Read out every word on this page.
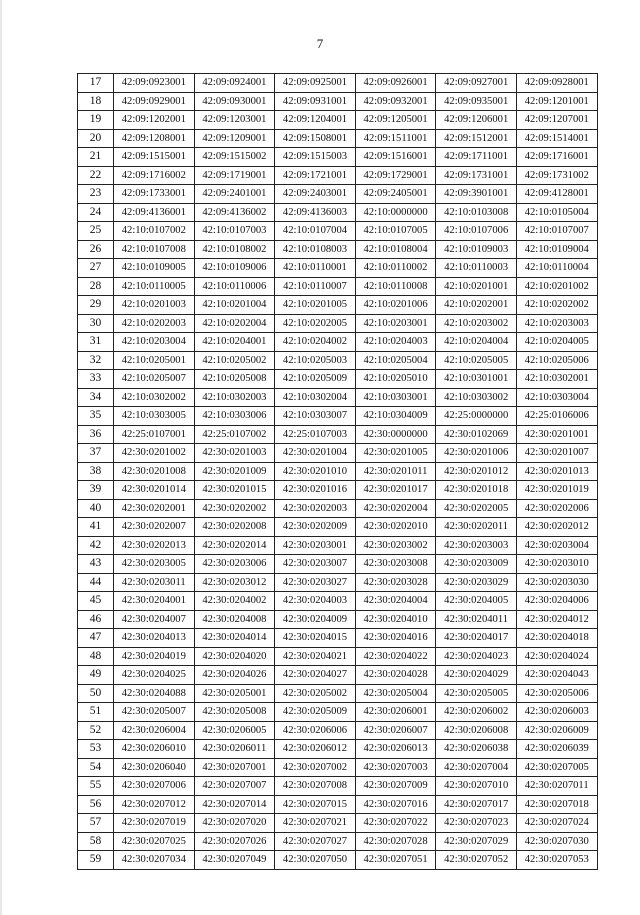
7
17	42:09:0923001	42:09:0924001	42:09:0925001	42:09:0926001	42:09:0927001	42:09:0928001
18	42:09:0929001	42:09:0930001	42:09:0931001	42:09:0932001	42:09:0935001	42:09:1201001
19	42:09:1202001	42:09:1203001	42:09:1204001	42:09:1205001	42:09:1206001	42:09:1207001
20	42:09:1208001	42:09:1209001	42:09:1508001	42:09:1511001	42:09:1512001	42:09:1514001
21	42:09:1515001	42:09:1515002	42:09:1515003	42:09:1516001	42:09:1711001	42:09:1716001
22	42:09:1716002	42:09:1719001	42:09:1721001	42:09:1729001	42:09:1731001	42:09:1731002
23	42:09:1733001	42:09:2401001	42:09:2403001	42:09:2405001	42:09:3901001	42:09:4128001
24	42:09:4136001	42:09:4136002	42:09:4136003	42:10:0000000	42:10:0103008	42:10:0105004
25	42:10:0107002	42:10:0107003	42:10:0107004	42:10:0107005	42:10:0107006	42:10:0107007
26	42:10:0107008	42:10:0108002	42:10:0108003	42:10:0108004	42:10:0109003	42:10:0109004
27	42:10:0109005	42:10:0109006	42:10:0110001	42:10:0110002	42:10:0110003	42:10:0110004
28	42:10:0110005	42:10:0110006	42:10:0110007	42:10:0110008	42:10:0201001	42:10:0201002
29	42:10:0201003	42:10:0201004	42:10:0201005	42:10:0201006	42:10:0202001	42:10:0202002
30	42:10:0202003	42:10:0202004	42:10:0202005	42:10:0203001	42:10:0203002	42:10:0203003
31	42:10:0203004	42:10:0204001	42:10:0204002	42:10:0204003	42:10:0204004	42:10:0204005
32	42:10:0205001	42:10:0205002	42:10:0205003	42:10:0205004	42:10:0205005	42:10:0205006
33	42:10:0205007	42:10:0205008	42:10:0205009	42:10:0205010	42:10:0301001	42:10:0302001
34	42:10:0302002	42:10:0302003	42:10:0302004	42:10:0303001	42:10:0303002	42:10:0303004
35	42:10:0303005	42:10:0303006	42:10:0303007	42:10:0304009	42:25:0000000	42:25:0106006
36	42:25:0107001	42:25:0107002	42:25:0107003	42:30:0000000	42:30:0102069	42:30:0201001
37	42:30:0201002	42:30:0201003	42:30:0201004	42:30:0201005	42:30:0201006	42:30:0201007
38	42:30:0201008	42:30:0201009	42:30:0201010	42:30:0201011	42:30:0201012	42:30:0201013
39	42:30:0201014	42:30:0201015	42:30:0201016	42:30:0201017	42:30:0201018	42:30:0201019
40	42:30:0202001	42:30:0202002	42:30:0202003	42:30:0202004	42:30:0202005	42:30:0202006
41	42:30:0202007	42:30:0202008	42:30:0202009	42:30:0202010	42:30:0202011	42:30:0202012
42	42:30:0202013	42:30:0202014	42:30:0203001	42:30:0203002	42:30:0203003	42:30:0203004
43	42:30:0203005	42:30:0203006	42:30:0203007	42:30:0203008	42:30:0203009	42:30:0203010
44	42:30:0203011	42:30:0203012	42:30:0203027	42:30:0203028	42:30:0203029	42:30:0203030
45	42:30:0204001	42:30:0204002	42:30:0204003	42:30:0204004	42:30:0204005	42:30:0204006
46	42:30:0204007	42:30:0204008	42:30:0204009	42:30:0204010	42:30:0204011	42:30:0204012
47	42:30:0204013	42:30:0204014	42:30:0204015	42:30:0204016	42:30:0204017	42:30:0204018
48	42:30:0204019	42:30:0204020	42:30:0204021	42:30:0204022	42:30:0204023	42:30:0204024
49	42:30:0204025	42:30:0204026	42:30:0204027	42:30:0204028	42:30:0204029	42:30:0204043
50	42:30:0204088	42:30:0205001	42:30:0205002	42:30:0205004	42:30:0205005	42:30:0205006
51	42:30:0205007	42:30:0205008	42:30:0205009	42:30:0206001	42:30:0206002	42:30:0206003
52	42:30:0206004	42:30:0206005	42:30:0206006	42:30:0206007	42:30:0206008	42:30:0206009
53	42:30:0206010	42:30:0206011	42:30:0206012	42:30:0206013	42:30:0206038	42:30:0206039
54	42:30:0206040	42:30:0207001	42:30:0207002	42:30:0207003	42:30:0207004	42:30:0207005
55	42:30:0207006	42:30:0207007	42:30:0207008	42:30:0207009	42:30:0207010	42:30:0207011
56	42:30:0207012	42:30:0207014	42:30:0207015	42:30:0207016	42:30:0207017	42:30:0207018
57	42:30:0207019	42:30:0207020	42:30:0207021	42:30:0207022	42:30:0207023	42:30:0207024
58	42:30:0207025	42:30:0207026	42:30:0207027	42:30:0207028	42:30:0207029	42:30:0207030
59	42:30:0207034	42:30:0207049	42:30:0207050	42:30:0207051	42:30:0207052	42:30:0207053
